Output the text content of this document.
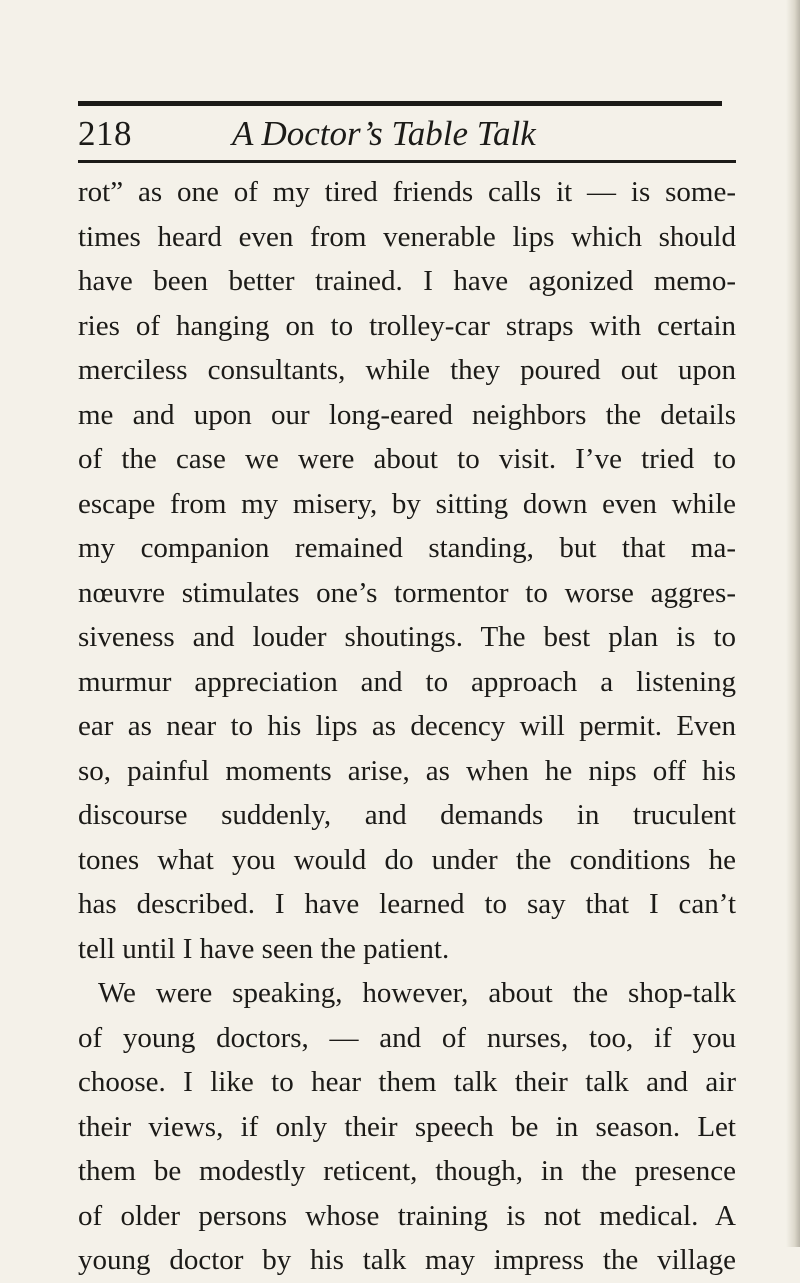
218	A Doctor’s Table Talk
rot” as one of my tired friends calls it — is some-
times heard even from venerable lips which should
have been better trained. I have agonized memo-
ries of hanging on to trolley-car straps with certain
merciless consultants, while they poured out upon
me and upon our long-eared neighbors the details
of the case we were about to visit. I’ve tried to
escape from my misery, by sitting down even while
my companion remained standing, but that ma-
nœuvre stimulates one’s tormentor to worse aggres-
siveness and louder shoutings. The best plan is to
murmur appreciation and to approach a listening
ear as near to his lips as decency will permit. Even
so, painful moments arise, as when he nips off his
discourse suddenly, and demands in truculent
tones what you would do under the conditions he
has described. I have learned to say that I can’t
tell until I have seen the patient.
We were speaking, however, about the shop-talk
of young doctors, — and of nurses, too, if you
choose. I like to hear them talk their talk and air
their views, if only their speech be in season. Let
them be modestly reticent, though, in the presence
of older persons whose training is not medical. A
young doctor by his talk may impress the village
